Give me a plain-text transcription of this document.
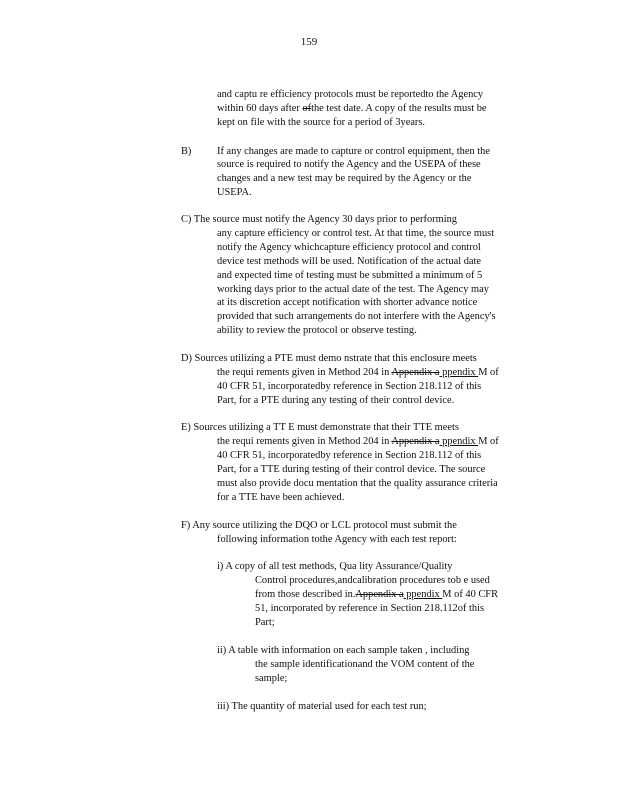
159
and captu re efficiency protocols must be reportedto the Agency
within 60 days after ofthe test date. A copy of the results must be
kept on file with the source for a period of 3years.
B) If any changes are made to capture or control equipment, then the
source is required to notify the Agency and the USEPA of these
changes and a new test may be required by the Agency or the
USEPA.
C) The source must notify the Agency 30 days prior to performing
any capture efficiency or control test. At that time, the source must
notify the Agency whichcapture efficiency protocol and control
device test methods will be used. Notification of the actual date
and expected time of testing must be submitted a minimum of 5
working days prior to the actual date of the test. The Agency may
at its discretion accept notification with shorter advance notice
provided that such arrangements do not interfere with the Agency's
ability to review the protocol or observe testing.
D) Sources utilizing a PTE must demo nstrate that this enclosure meets
the requi rements given in Method 204 in Appendix a ppendix M of
40 CFR 51, incorporatedby reference in Section 218.112 of this
Part, for a PTE during any testing of their control device.
E) Sources utilizing a TT E must demonstrate that their TTE meets
the requi rements given in Method 204 in Appendix a ppendix M of
40 CFR 51, incorporatedby reference in Section 218.112 of this
Part, for a TTE during testing of their control device. The source
must also provide docu mentation that the quality assurance criteria
for a TTE have been achieved.
F) Any source utilizing the DQO or LCL protocol must submit the
following information tothe Agency with each test report:
i) A copy of all test methods, Qua lity Assurance/Quality
Control procedures,andcalibration procedures tob e used
from those described in.Appendix a ppendix M of 40 CFR
51, incorporated by reference in Section 218.112of this
Part;
ii) A table with information on each sample taken , including
the sample identificationand the VOM content of the
sample;
iii) The quantity of material used for each test run;
